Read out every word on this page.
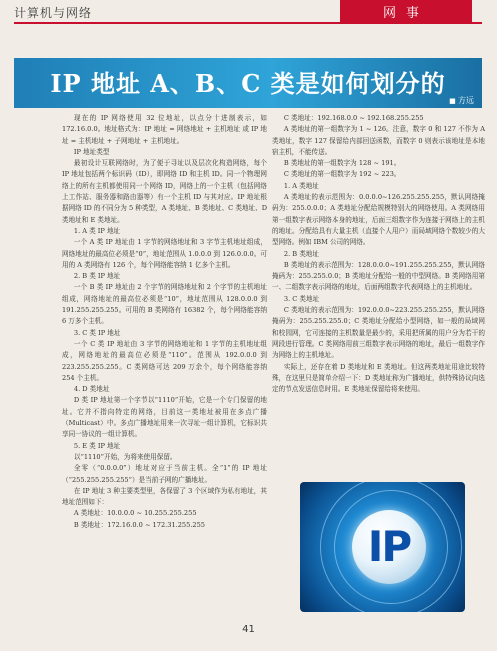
计算机与网络	网事
IP 地址 A、B、C 类是如何划分的
■ 方远

现在的 IP 网络使用 32 位地址，以点分十进制表示，如 172.16.0.0。地址格式为：IP 地址 = 网络地址 + 主机地址 或 IP 地址 = 主机地址 + 子网地址 + 主机地址。

IP 地址类型

最初设计互联网络时，为了便于寻址以及层次化构造网络，每个 IP 地址包括两个标识码（ID），即网络 ID 和主机 ID。同一个物理网络上的所有主机都使用同一个网络 ID，网络上的一个主机（包括网络上工作站、服务器和路由器等）有一个主机 ID 与其对应。IP 地址根据网络 ID 的不同分为 5 种类型，A 类地址、B 类地址、C 类地址、D 类地址和 E 类地址。

1. A 类 IP 地址

一个 A 类 IP 地址由 1 字节的网络地址和 3 字节主机地址组成，网络地址的最高位必须是“0”，地址范围从 1.0.0.0 到 126.0.0.0。可用的 A 类网络有 126 个，每个网络能容纳 1 亿多个主机。

2. B 类 IP 地址

一个 B 类 IP 地址由 2 个字节的网络地址和 2 个字节的主机地址组成，网络地址的最高位必须是“10”，地址范围从 128.0.0.0 到 191.255.255.255。可用的 B 类网络有 16382 个，每个网络能容纳 6 万多个主机。

3. C 类 IP 地址

一个 C 类 IP 地址由 3 字节的网络地址和 1 字节的主机地址组成，网络地址的最高位必须是“110”。范围从 192.0.0.0 到 223.255.255.255。C 类网络可达 209 万余个，每个网络能容纳 254 个主机。

4. D 类地址

D 类 IP 地址第一个字节以“1110”开始，它是一个专门保留的地址。它并不指向特定的网络，目前这一类地址被用在多点广播（Multicast）中。多点广播地址用来一次寻址一组计算机，它标识共享同一协议的一组计算机。

5. E 类 IP 地址

以“1110”开始，为将来使用保留。

全零（“0.0.0.0”）地址对应于当前主机。全“1”的 IP 地址（“255.255.255.255”）是当前子网的广播地址。

在 IP 地址 3 种主要类型里，各保留了 3 个区域作为私有地址，其地址范围如下：

A 类地址：10.0.0.0 ~ 10.255.255.255

B 类地址：172.16.0.0 ~ 172.31.255.255

C 类地址：192.168.0.0 ~ 192.168.255.255

A 类地址的第一组数字为 1 ~ 126。注意，数字 0 和 127 不作为 A 类地址，数字 127 保留给内部回送函数，而数字 0 则表示该地址是本地宿主机，不能传送。

B 类地址的第一组数字为 128 ~ 191。

C 类地址的第一组数字为 192 ~ 223。

1. A 类地址

A 类地址的表示范围为：0.0.0.0~126.255.255.255，默认网络掩码为：255.0.0.0；A 类地址分配给规模特别大的网络使用。A 类网络用第一组数字表示网络本身的地址，后面三组数字作为连接于网络上的主机的地址。分配给具有大量主机（直接个人用户）而局域网络个数较少的大型网络。例如 IBM 公司的网络。

2. B 类地址

B 类地址的表示范围为：128.0.0.0~191.255.255.255，默认网络掩码为：255.255.0.0；B 类地址分配给一般的中型网络。B 类网络用第一、二组数字表示网络的地址，后面两组数字代表网络上的主机地址。

3. C 类地址

C 类地址的表示范围为：192.0.0.0~223.255.255.255，默认网络掩码为：255.255.255.0；C 类地址分配给小型网络，如一般的局域网和校园网，它可连接的主机数量是最少的，采用把所属的用户分为若干的网段进行管理。C 类网络用前三组数字表示网络的地址，最后一组数字作为网络上的主机地址。

实际上，还存在着 D 类地址和 E 类地址。但这两类地址用途比较特殊，在这里只是简单介绍一下：D 类地址称为广播地址，供特殊协议向选定的节点发送信息时用。E 类地址保留给将来使用。

IP
41
